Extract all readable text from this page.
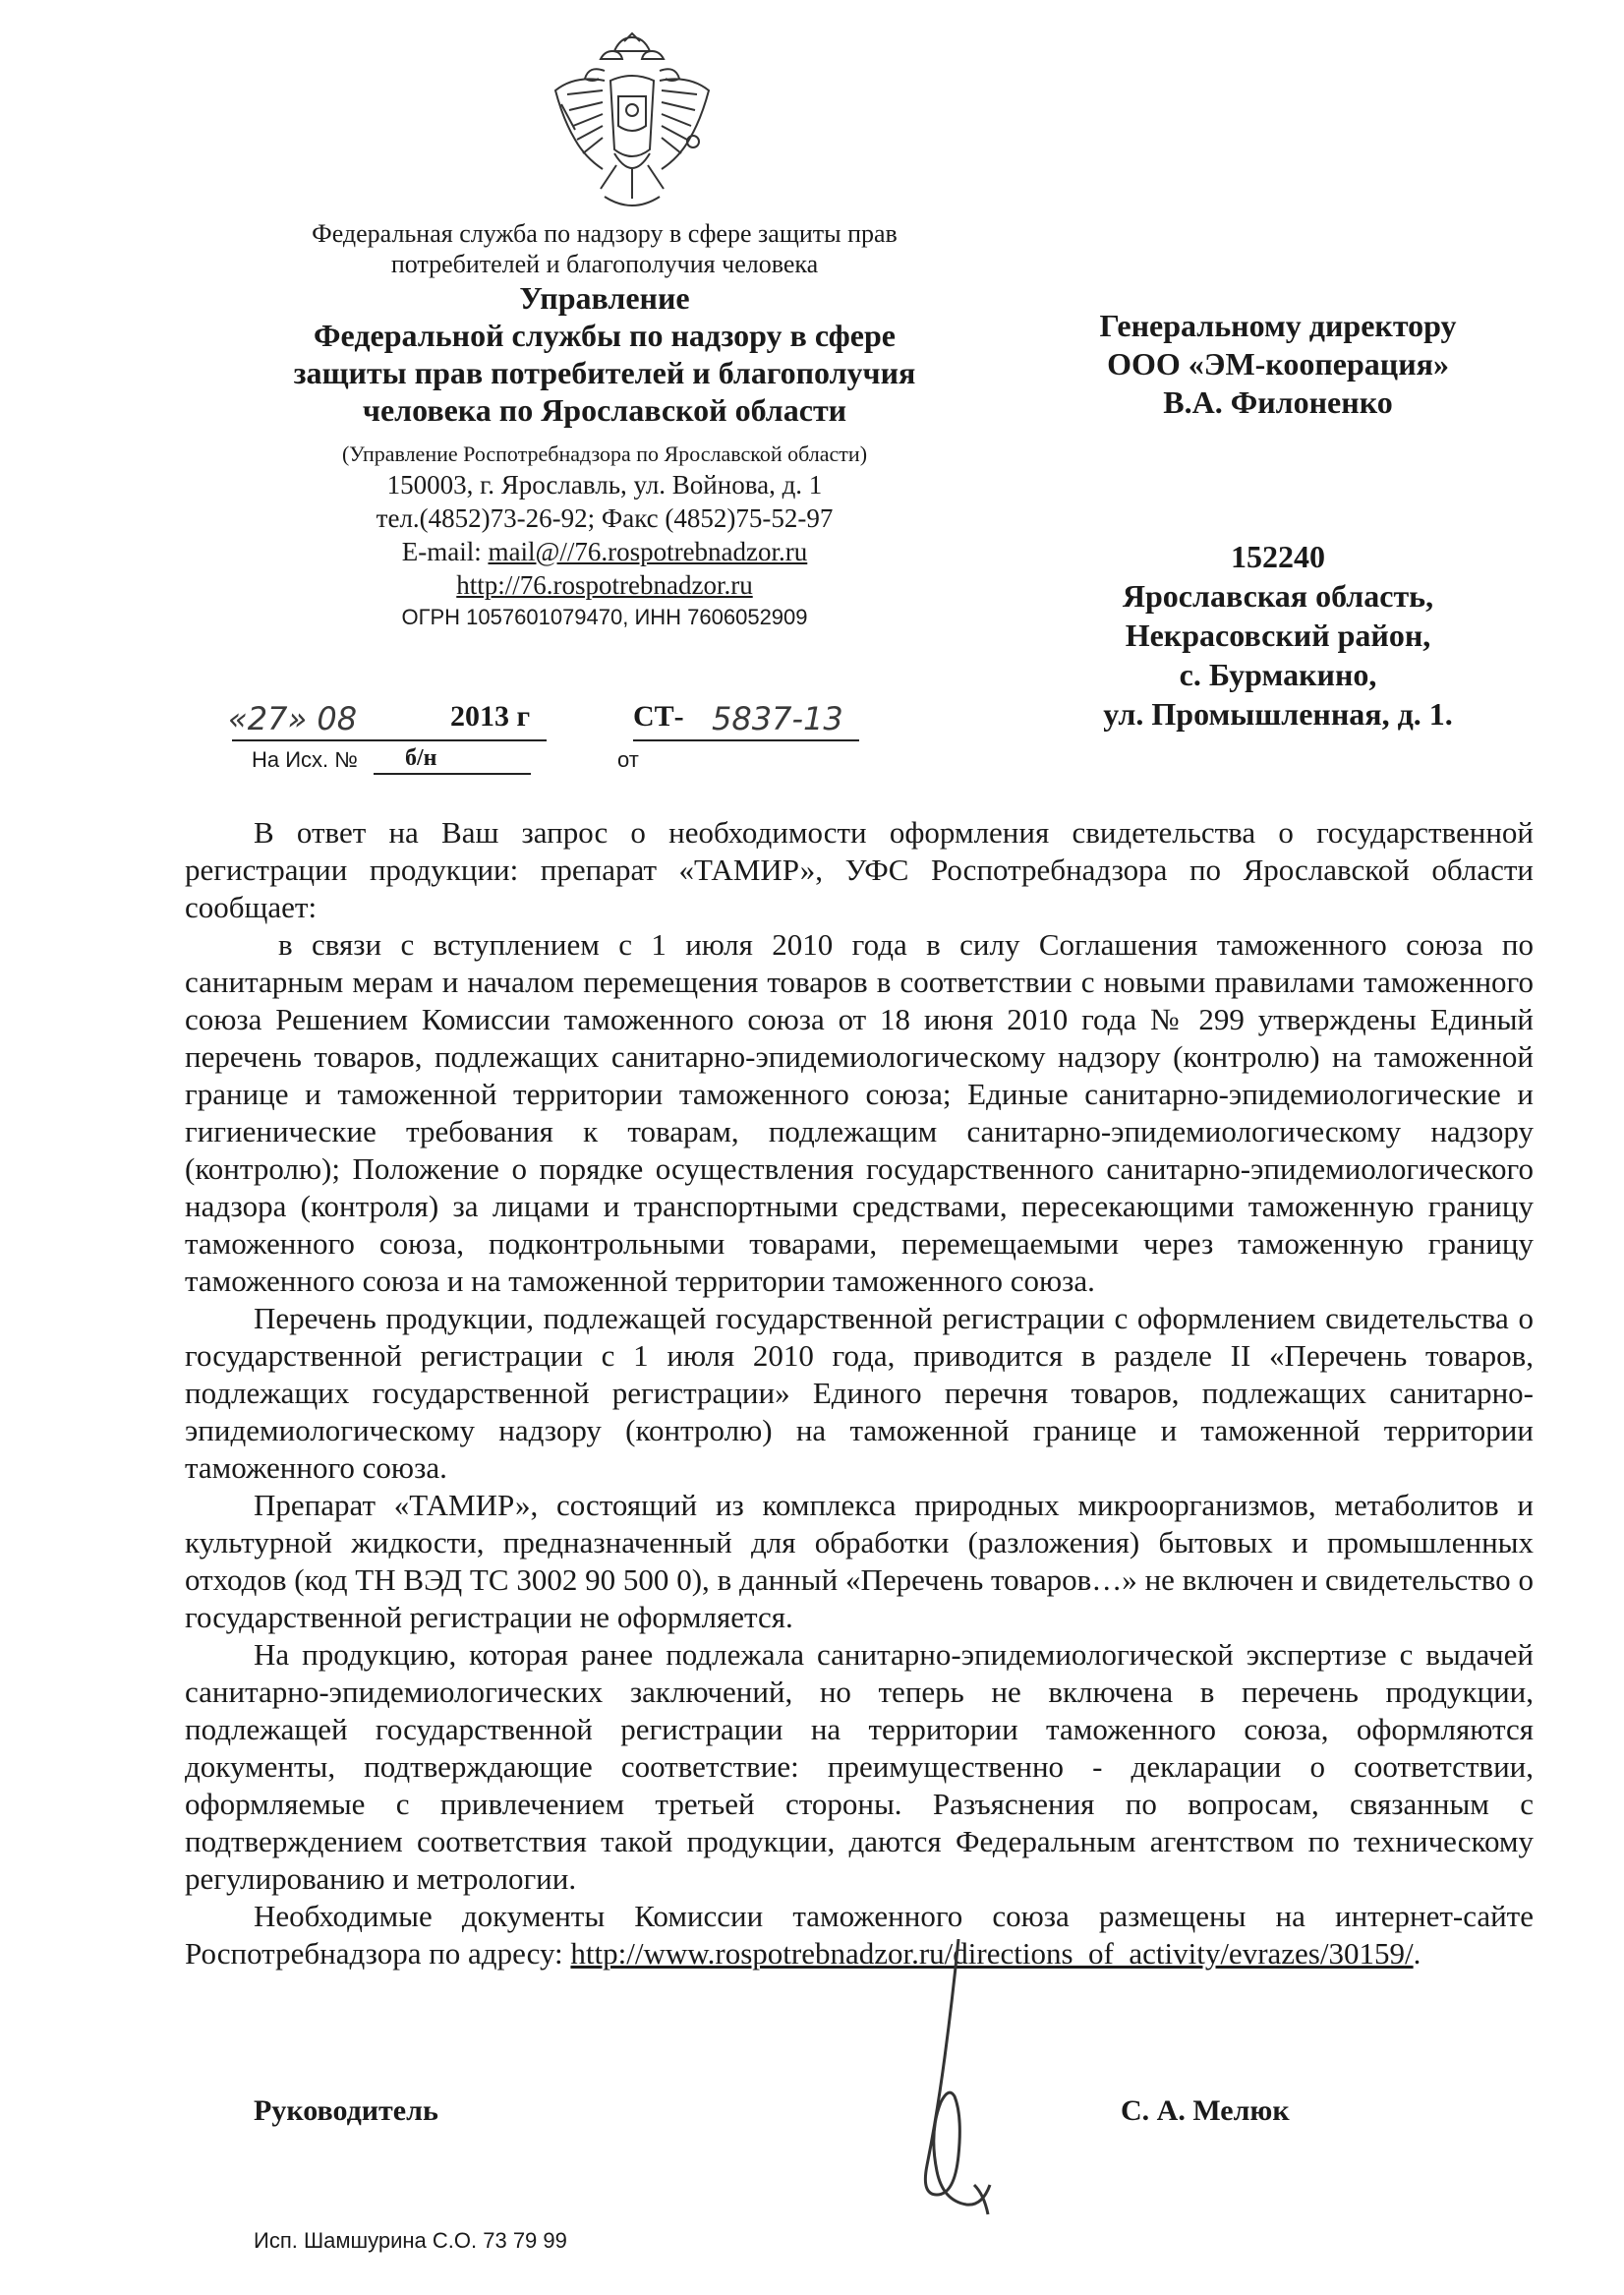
Федеральная служба по надзору в сфере защиты прав
потребителей и благополучия человека
Управление
Федеральной службы по надзору в сфере
защиты прав потребителей и благополучия
человека по Ярославской области
(Управление Роспотребнадзора по Ярославской области)
150003, г. Ярославль, ул. Войнова, д. 1
тел.(4852)73-26-92; Факс (4852)75-52-97
E-mail: mail@//76.rospotrebnadzor.ru
http://76.rospotrebnadzor.ru
ОГРН 1057601079470, ИНН 7606052909
Генеральному директору
ООО «ЭМ-кооперация»
В.А. Филоненко
152240
Ярославская область,
Некрасовский район,
с. Бурмакино,
ул. Промышленная, д. 1.
«27» 08	2013 г	СТ- 5837-13
На Исх. № б/н	от

В ответ на Ваш запрос о необходимости оформления свидетельства о государственной регистрации продукции: препарат «ТАМИР», УФС Роспотребнадзора по Ярославской области сообщает:

в связи с вступлением с 1 июля 2010 года в силу Соглашения таможенного союза по санитарным мерам и началом перемещения товаров в соответствии с новыми правилами таможенного союза Решением Комиссии таможенного союза от 18 июня 2010 года № 299 утверждены Единый перечень товаров, подлежащих санитарно-эпидемиологическому надзору (контролю) на таможенной границе и таможенной территории таможенного союза; Единые санитарно-эпидемиологические и гигиенические требования к товарам, подлежащим санитарно-эпидемиологическому надзору (контролю); Положение о порядке осуществления государственного санитарно-эпидемиологического надзора (контроля) за лицами и транспортными средствами, пересекающими таможенную границу таможенного союза, подконтрольными товарами, перемещаемыми через таможенную границу таможенного союза и на таможенной территории таможенного союза.

Перечень продукции, подлежащей государственной регистрации с оформлением свидетельства о государственной регистрации с 1 июля 2010 года, приводится в разделе II «Перечень товаров, подлежащих государственной регистрации» Единого перечня товаров, подлежащих санитарно-эпидемиологическому надзору (контролю) на таможенной границе и таможенной территории таможенного союза.

Препарат «ТАМИР», состоящий из комплекса природных микроорганизмов, метаболитов и культурной жидкости, предназначенный для обработки (разложения) бытовых и промышленных отходов (код ТН ВЭД ТС 3002 90 500 0), в данный «Перечень товаров…» не включен и свидетельство о государственной регистрации не оформляется.

На продукцию, которая ранее подлежала санитарно-эпидемиологической экспертизе с выдачей санитарно-эпидемиологических заключений, но теперь не включена в перечень продукции, подлежащей государственной регистрации на территории таможенного союза, оформляются документы, подтверждающие соответствие: преимущественно - декларации о соответствии, оформляемые с привлечением третьей стороны. Разъяснения по вопросам, связанным с подтверждением соответствия такой продукции, даются Федеральным агентством по техническому регулированию и метрологии.

Необходимые документы Комиссии таможенного союза размещены на интернет-сайте Роспотребнадзора по адресу: http://www.rospotrebnadzor.ru/directions_of_activity/evrazes/30159/.

Руководитель	С. А. Мелюк
Исп. Шамшурина С.О. 73 79 99
